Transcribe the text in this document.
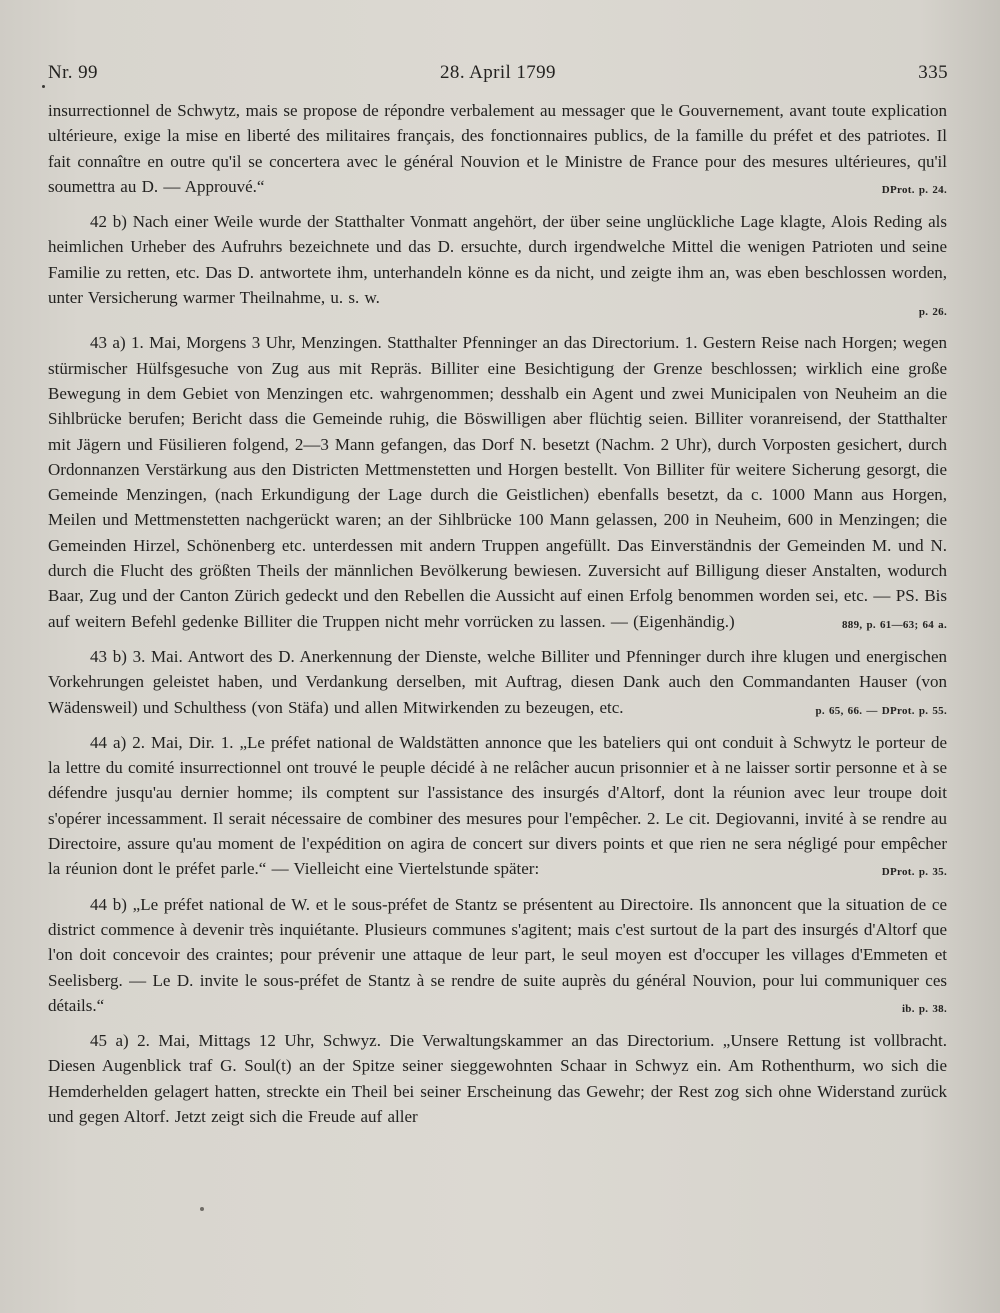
Nr. 99	28. April 1799	335

insurrectionnel de Schwytz, mais se propose de répondre verbalement au messager que le Gouvernement, avant toute explication ultérieure, exige la mise en liberté des militaires français, des fonctionnaires publics, de la famille du préfet et des patriotes. Il fait connaître en outre qu'il se concertera avec le général Nouvion et le Ministre de France pour des mesures ultérieures, qu'il soumettra au D. — Approuvé.“	DProt. p. 24.

42 b) Nach einer Weile wurde der Statthalter Vonmatt angehört, der über seine unglückliche Lage klagte, Alois Reding als heimlichen Urheber des Aufruhrs bezeichnete und das D. ersuchte, durch irgendwelche Mittel die wenigen Patrioten und seine Familie zu retten, etc. Das D. antwortete ihm, unterhandeln könne es da nicht, und zeigte ihm an, was eben beschlossen worden, unter Versicherung warmer Theilnahme, u. s. w.
p. 26.

43 a) 1. Mai, Morgens 3 Uhr, Menzingen. Statthalter Pfenninger an das Directorium. 1. Gestern Reise nach Horgen; wegen stürmischer Hülfsgesuche von Zug aus mit Repräs. Billiter eine Besichtigung der Grenze beschlossen; wirklich eine große Bewegung in dem Gebiet von Menzingen etc. wahrgenommen; desshalb ein Agent und zwei Municipalen von Neuheim an die Sihlbrücke berufen; Bericht dass die Gemeinde ruhig, die Böswilligen aber flüchtig seien. Billiter voranreisend, der Statthalter mit Jägern und Füsilieren folgend, 2—3 Mann gefangen, das Dorf N. besetzt (Nachm. 2 Uhr), durch Vorposten gesichert, durch Ordonnanzen Verstärkung aus den Districten Mettmenstetten und Horgen bestellt. Von Billiter für weitere Sicherung gesorgt, die Gemeinde Menzingen, (nach Erkundigung der Lage durch die Geistlichen) ebenfalls besetzt, da c. 1000 Mann aus Horgen, Meilen und Mettmenstetten nachgerückt waren; an der Sihlbrücke 100 Mann gelassen, 200 in Neuheim, 600 in Menzingen; die Gemeinden Hirzel, Schönenberg etc. unterdessen mit andern Truppen angefüllt. Das Einverständnis der Gemeinden M. und N. durch die Flucht des größten Theils der männlichen Bevölkerung bewiesen. Zuversicht auf Billigung dieser Anstalten, wodurch Baar, Zug und der Canton Zürich gedeckt und den Rebellen die Aussicht auf einen Erfolg benommen worden sei, etc. — PS. Bis auf weitern Befehl gedenke Billiter die Truppen nicht mehr vorrücken zu lassen. — (Eigenhändig.)	889, p. 61—63; 64 a.

43 b) 3. Mai. Antwort des D. Anerkennung der Dienste, welche Billiter und Pfenninger durch ihre klugen und energischen Vorkehrungen geleistet haben, und Verdankung derselben, mit Auftrag, diesen Dank auch den Commandanten Hauser (von Wädensweil) und Schulthess (von Stäfa) und allen Mitwirkenden zu bezeugen, etc.	p. 65, 66. — DProt. p. 55.

44 a) 2. Mai, Dir. 1. „Le préfet national de Waldstätten annonce que les bateliers qui ont conduit à Schwytz le porteur de la lettre du comité insurrectionnel ont trouvé le peuple décidé à ne relâcher aucun prisonnier et à ne laisser sortir personne et à se défendre jusqu'au dernier homme; ils comptent sur l'assistance des insurgés d'Altorf, dont la réunion avec leur troupe doit s'opérer incessamment. Il serait nécessaire de combiner des mesures pour l'empêcher. 2. Le cit. Degiovanni, invité à se rendre au Directoire, assure qu'au moment de l'expédition on agira de concert sur divers points et que rien ne sera négligé pour empêcher la réunion dont le préfet parle.“ — Vielleicht eine Viertelstunde später:	DProt. p. 35.

44 b) „Le préfet national de W. et le sous-préfet de Stantz se présentent au Directoire. Ils annoncent que la situation de ce district commence à devenir très inquiétante. Plusieurs communes s'agitent; mais c'est surtout de la part des insurgés d'Altorf que l'on doit concevoir des craintes; pour prévenir une attaque de leur part, le seul moyen est d'occuper les villages d'Emmeten et Seelisberg. — Le D. invite le sous-préfet de Stantz à se rendre de suite auprès du général Nouvion, pour lui communiquer ces détails.“	ib. p. 38.

45 a) 2. Mai, Mittags 12 Uhr, Schwyz. Die Verwaltungskammer an das Directorium. „Unsere Rettung ist vollbracht. Diesen Augenblick traf G. Soul(t) an der Spitze seiner sieggewohnten Schaar in Schwyz ein. Am Rothenthurm, wo sich die Hemderhelden gelagert hatten, streckte ein Theil bei seiner Erscheinung das Gewehr; der Rest zog sich ohne Widerstand zurück und gegen Altorf. Jetzt zeigt sich die Freude auf aller
